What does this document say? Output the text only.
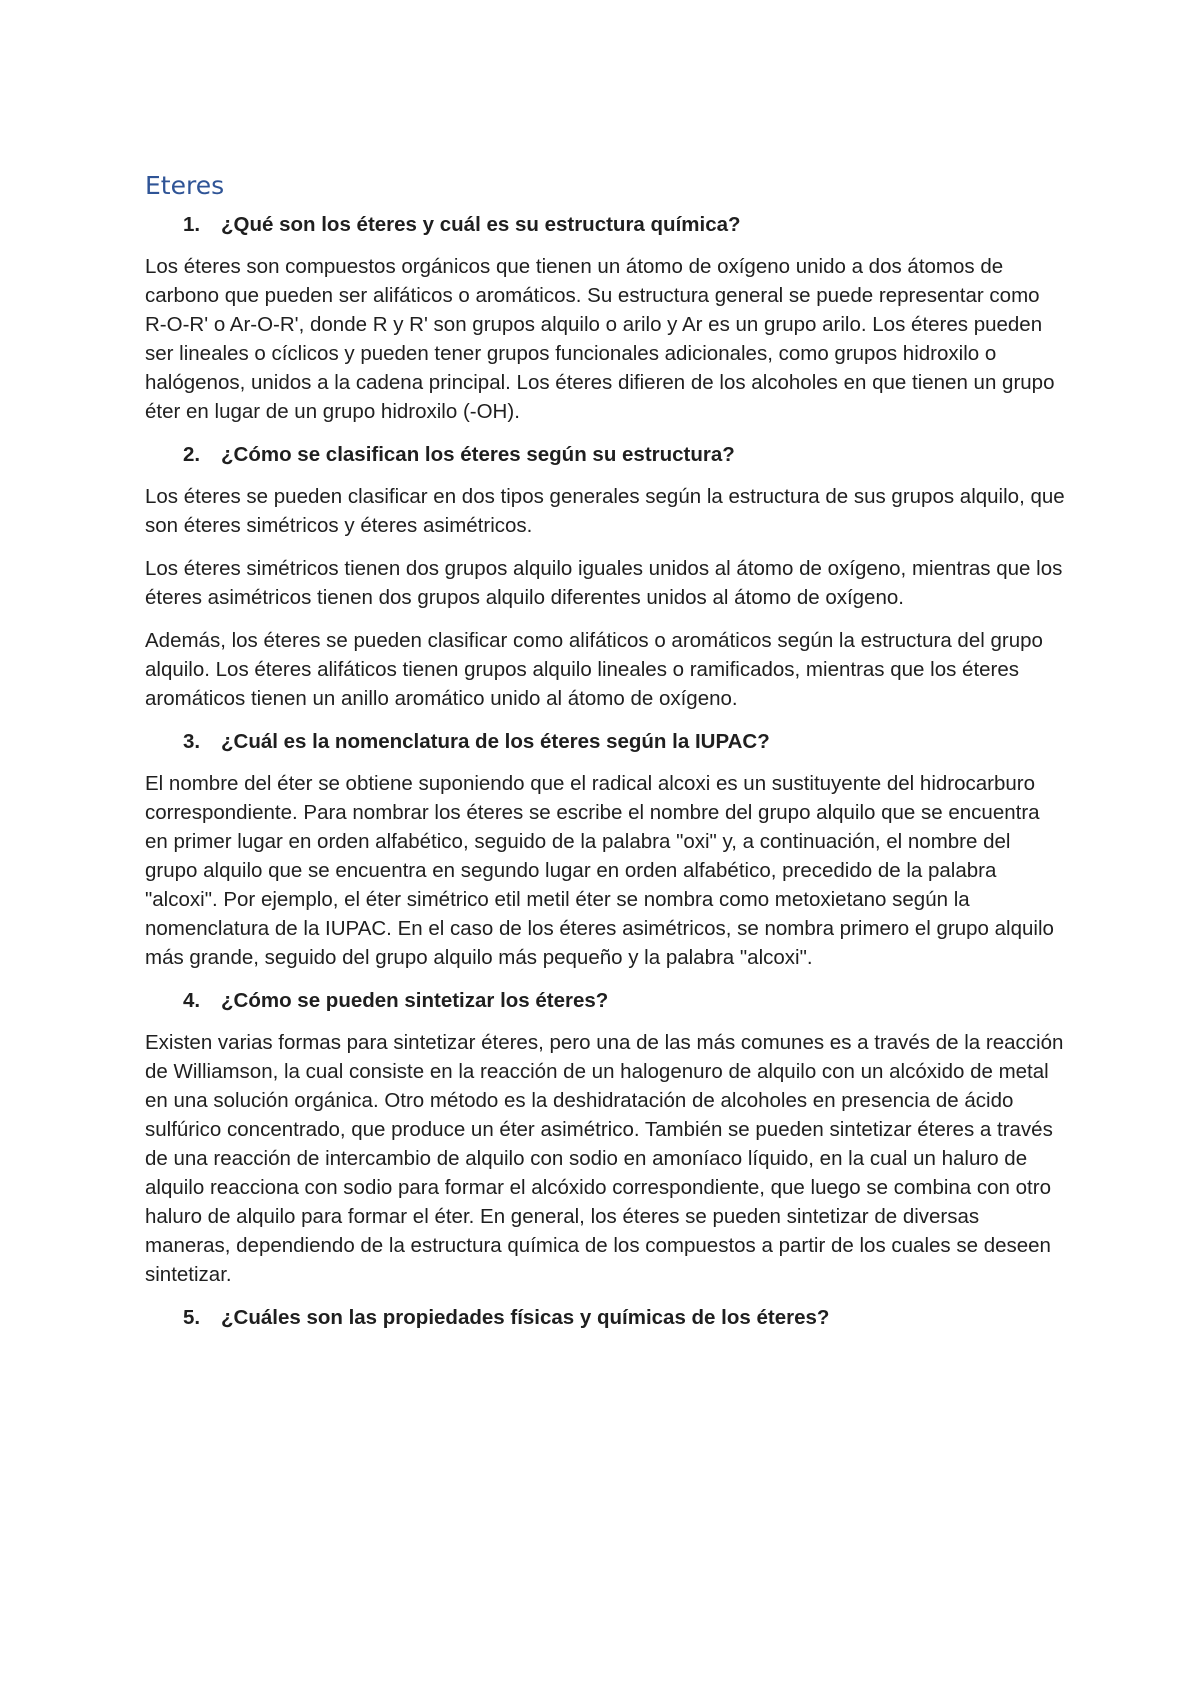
Eteres
1.	¿Qué son los éteres y cuál es su estructura química?

Los éteres son compuestos orgánicos que tienen un átomo de oxígeno unido a dos átomos de carbono que pueden ser alifáticos o aromáticos. Su estructura general se puede representar como R-O-R' o Ar-O-R', donde R y R' son grupos alquilo o arilo y Ar es un grupo arilo. Los éteres pueden ser lineales o cíclicos y pueden tener grupos funcionales adicionales, como grupos hidroxilo o halógenos, unidos a la cadena principal. Los éteres difieren de los alcoholes en que tienen un grupo éter en lugar de un grupo hidroxilo (-OH).

2.	¿Cómo se clasifican los éteres según su estructura?

Los éteres se pueden clasificar en dos tipos generales según la estructura de sus grupos alquilo, que son éteres simétricos y éteres asimétricos.

Los éteres simétricos tienen dos grupos alquilo iguales unidos al átomo de oxígeno, mientras que los éteres asimétricos tienen dos grupos alquilo diferentes unidos al átomo de oxígeno.

Además, los éteres se pueden clasificar como alifáticos o aromáticos según la estructura del grupo alquilo. Los éteres alifáticos tienen grupos alquilo lineales o ramificados, mientras que los éteres aromáticos tienen un anillo aromático unido al átomo de oxígeno.

3.	¿Cuál es la nomenclatura de los éteres según la IUPAC?

El nombre del éter se obtiene suponiendo que el radical alcoxi es un sustituyente del hidrocarburo correspondiente. Para nombrar los éteres se escribe el nombre del grupo alquilo que se encuentra en primer lugar en orden alfabético, seguido de la palabra "oxi" y, a continuación, el nombre del grupo alquilo que se encuentra en segundo lugar en orden alfabético, precedido de la palabra "alcoxi". Por ejemplo, el éter simétrico etil metil éter se nombra como metoxietano según la nomenclatura de la IUPAC. En el caso de los éteres asimétricos, se nombra primero el grupo alquilo más grande, seguido del grupo alquilo más pequeño y la palabra "alcoxi".

4.	¿Cómo se pueden sintetizar los éteres?

Existen varias formas para sintetizar éteres, pero una de las más comunes es a través de la reacción de Williamson, la cual consiste en la reacción de un halogenuro de alquilo con un alcóxido de metal en una solución orgánica. Otro método es la deshidratación de alcoholes en presencia de ácido sulfúrico concentrado, que produce un éter asimétrico. También se pueden sintetizar éteres a través de una reacción de intercambio de alquilo con sodio en amoníaco líquido, en la cual un haluro de alquilo reacciona con sodio para formar el alcóxido correspondiente, que luego se combina con otro haluro de alquilo para formar el éter. En general, los éteres se pueden sintetizar de diversas maneras, dependiendo de la estructura química de los compuestos a partir de los cuales se deseen sintetizar.

5.	¿Cuáles son las propiedades físicas y químicas de los éteres?
